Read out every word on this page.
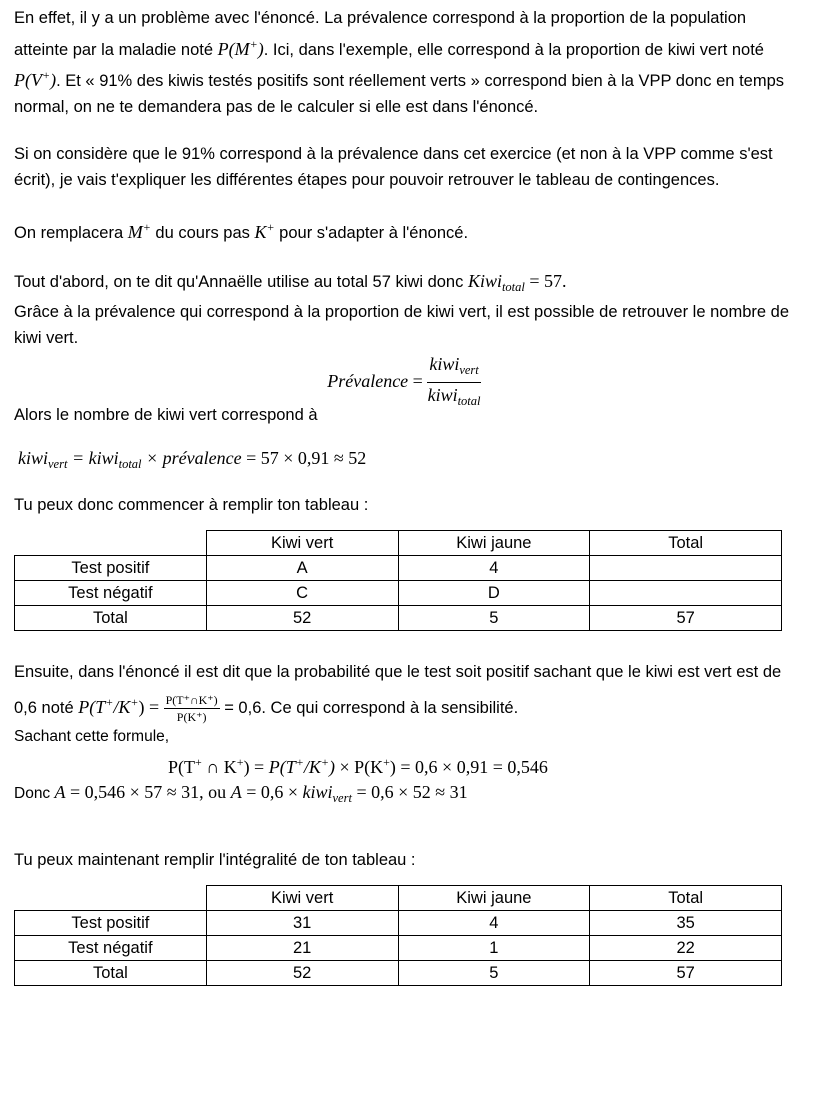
En effet, il y a un problème avec l'énoncé. La prévalence correspond à la proportion de la population atteinte par la maladie noté P(M+). Ici, dans l'exemple, elle correspond à la proportion de kiwi vert noté P(V+). Et « 91% des kiwis testés positifs sont réellement verts » correspond bien à la VPP donc en temps normal, on ne te demandera pas de le calculer si elle est dans l'énoncé.

Si on considère que le 91% correspond à la prévalence dans cet exercice (et non à la VPP comme s'est écrit), je vais t'expliquer les différentes étapes pour pouvoir retrouver le tableau de contingences.

On remplacera M+ du cours pas K+ pour s'adapter à l'énoncé.

Tout d'abord, on te dit qu'Annaëlle utilise au total 57 kiwi donc Kiwi$_{total}$ = 57.

Grâce à la prévalence qui correspond à la proportion de kiwi vert, il est possible de retrouver le nombre de kiwi vert.

Prévalence = $\frac{kiwi_{vert}}{kiwi_{total}}$

Alors le nombre de kiwi vert correspond à

kiwi$_{vert}$ = kiwi$_{total}$ × prévalence = 57 × 0,91 ≈ 52

Tu peux donc commencer à remplir ton tableau :

	Kiwi vert	Kiwi jaune	Total
Test positif	A	4	
Test négatif	C	D	
Total	52	5	57

Ensuite, dans l'énoncé il est dit que la probabilité que le test soit positif sachant que le kiwi est vert est de 0,6 noté $P(T^+/K^+) = \frac{P(T^+\cap K^+)}{P(K^+)} = 0,6$. Ce qui correspond à la sensibilité.

Sachant cette formule,

P(T+ ∩ K+) = P(T+/K+) × P(K+) = 0,6 × 0,91 = 0,546

Donc A = 0,546 × 57 ≈ 31, ou A = 0,6 × kiwi$_{vert}$ = 0,6 × 52 ≈ 31

Tu peux maintenant remplir l'intégralité de ton tableau :

	Kiwi vert	Kiwi jaune	Total
Test positif	31	4	35
Test négatif	21	1	22
Total	52	5	57
